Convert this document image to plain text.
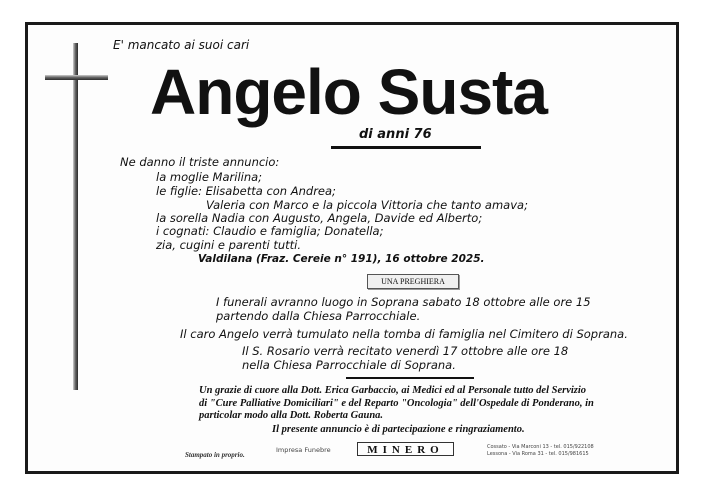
E' mancato ai suoi cari
Angelo Susta
di anni 76
Ne danno il triste annuncio:
la moglie Marilina;
le figlie: Elisabetta con Andrea;
Valeria con Marco e la piccola Vittoria che tanto amava;
la sorella Nadia con Augusto, Angela, Davide ed Alberto;
i cognati: Claudio e famiglia; Donatella;
zia, cugini e parenti tutti.
Valdilana (Fraz. Cereie n° 191), 16 ottobre 2025.
UNA PREGHIERA
I funerali avranno luogo in Soprana sabato 18 ottobre alle ore 15
partendo dalla Chiesa Parrocchiale.
Il caro Angelo verrà tumulato nella tomba di famiglia nel Cimitero di Soprana.
Il S. Rosario verrà recitato venerdì 17 ottobre alle ore 18
nella Chiesa Parrocchiale di Soprana.
Un grazie di cuore alla Dott. Erica Garbaccio, ai Medici ed al Personale tutto del Servizio
di "Cure Palliative Domiciliari" e del Reparto "Oncologia" dell'Ospedale di Ponderano, in
particolar modo alla Dott. Roberta Gauna.
Il presente annuncio è di partecipazione e ringraziamento.
Stampato in proprio.
Impresa Funebre	MINERO	Cossato - Via Marconi 13 - tel. 015/922108
Lessona - Via Roma 31 - tel. 015/981615
